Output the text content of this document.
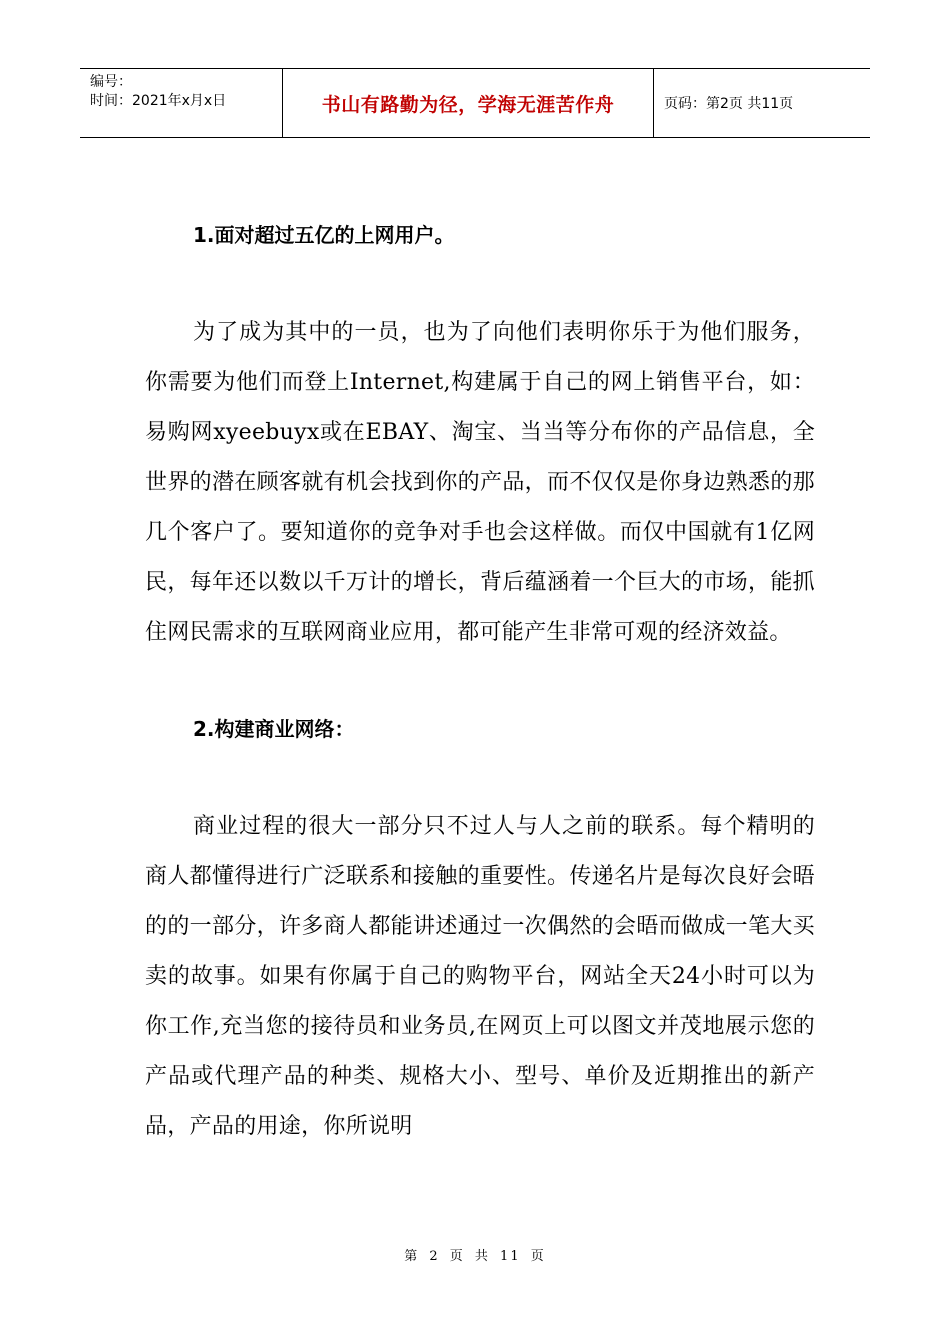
编号：
时间：2021年x月x日	书山有路勤为径，学海无涯苦作舟	页码：第2页 共11页

1.面对超过五亿的上网用户。

为了成为其中的一员，也为了向他们表明你乐于为他们服务，你需要为他们而登上Internet,构建属于自己的网上销售平台，如：易购网xyeebuyx或在EBAY、淘宝、当当等分布你的产品信息，全世界的潜在顾客就有机会找到你的产品，而不仅仅是你身边熟悉的那几个客户了。要知道你的竞争对手也会这样做。而仅中国就有1亿网民，每年还以数以千万计的增长，背后蕴涵着一个巨大的市场，能抓住网民需求的互联网商业应用，都可能产生非常可观的经济效益。

2.构建商业网络：

商业过程的很大一部分只不过人与人之前的联系。每个精明的商人都懂得进行广泛联系和接触的重要性。传递名片是每次良好会晤的的一部分，许多商人都能讲述通过一次偶然的会晤而做成一笔大买卖的故事。如果有你属于自己的购物平台，网站全天24小时可以为你工作,充当您的接待员和业务员,在网页上可以图文并茂地展示您的产品或代理产品的种类、规格大小、型号、单价及近期推出的新产品，产品的用途，你所说明

第 2 页 共 11 页
